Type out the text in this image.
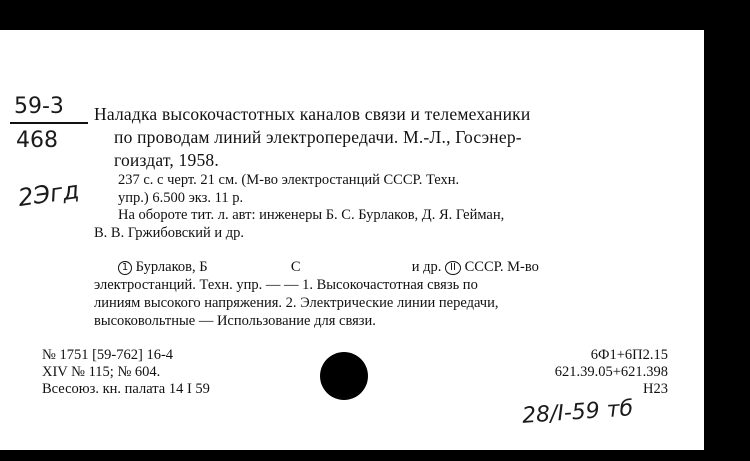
59-3
468
2Эгд
Наладка высокочастотных каналов связи и телемеханики
по проводам линий электропередачи. М.-Л., Госэнер-
гоиздат, 1958.
237 с. с черт. 21 см. (М-во электростанций СССР. Техн.
упр.) 6.500 экз. 11 р.
На обороте тит. л. авт: инженеры Б. С. Бурлаков, Д. Я. Гейман,
В. В. Гржибовский и др.
1 Бурлаков, Б	С	и др. II СССР. М-во
электростанций. Техн. упр. — — 1. Высокочастотная связь по
линиям высокого напряжения. 2. Электрические линии передачи,
высоковольтные — Использование для связи.
№ 1751 [59-762] 16-4
XIV № 115; № 604.
Всесоюз. кн. палата 14 I 59
6Ф1+6П2.15
621.39.05+621.398
Н23
28/I-59 тб
